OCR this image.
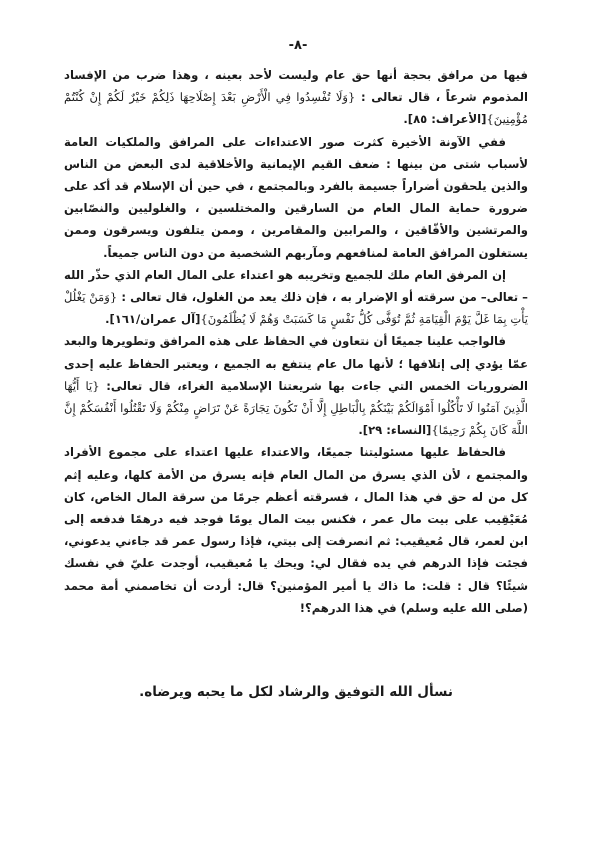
-٨-

فيها من مرافق بحجة أنها حق عام وليست لأحد بعينه ، وهذا ضرب من الإفساد المذموم شرعاً ، قال تعالى : {وَلَا تُفْسِدُوا فِي الْأَرْضِ بَعْدَ إِصْلَاحِهَا ذَلِكُمْ خَيْرٌ لَكُمْ إِنْ كُنْتُمْ مُؤْمِنِينَ}[الأعراف: ٨٥].

ففي الآونة الأخيرة كثرت صور الاعتداءات على المرافق والملكيات العامة لأسباب شتى من بينها : ضعف القيم الإيمانية والأخلاقية لدى البعض من الناس والذين يلحقون أضراراً جسيمة بالفرد وبالمجتمع ، في حين أن الإسلام قد أكد على ضرورة حماية المال العام من السارقين والمختلسين ، والغلوليين والنصّابين والمرتشين والأفّاقين ، والمرابين والمقامرين ، وممن يتلفون ويسرقون وممن يستغلون المرافق العامة لمنافعهم ومآربهم الشخصية من دون الناس جميعاً.

إن المرفق العام ملك للجميع وتخريبه هو اعتداء على المال العام الذي حذّر الله – تعالى– من سرقته أو الإضرار به ، فإن ذلك يعد من الغلول، قال تعالى : {وَمَنْ يَغْلُلْ يَأْتِ بِمَا غَلَّ يَوْمَ الْقِيَامَةِ ثُمَّ تُوَفَّى كُلُّ نَفْسٍ مَا كَسَبَتْ وَهُمْ لَا يُظْلَمُونَ}[آل عمران/١٦١].

فالواجب علينا جميعًا أن نتعاون في الحفاظ على هذه المرافق وتطويرها والبعد عمّا يؤدي إلى إتلافها ؛ لأنها مال عام ينتفع به الجميع ، ويعتبر الحفاظ عليه إحدى الضروريات الخمس التي جاءت بها شريعتنا الإسلامية الغراء، قال تعالى: {يَا أَيُّهَا الَّذِينَ آمَنُوا لَا تَأْكُلُوا أَمْوَالَكُمْ بَيْنَكُمْ بِالْبَاطِلِ إِلَّا أَنْ تَكُونَ تِجَارَةً عَنْ تَرَاضٍ مِنْكُمْ وَلَا تَقْتُلُوا أَنْفُسَكُمْ إِنَّ اللَّهَ كَانَ بِكُمْ رَحِيمًا}[النساء: ٢٩].

فالحفاظ عليها مسئوليتنا جميعًا، والاعتداء عليها اعتداء على مجموع الأفراد والمجتمع ، لأن الذي يسرق من المال العام فإنه يسرق من الأمة كلها، وعليه إثم كل من له حق في هذا المال ، فسرقته أعظم جرمًا من سرقة المال الخاص، كان مُعَيْقِيب على بيت مال عمر ، فكنس بيت المال يومًا فوجد فيه درهمًا فدفعه إلى ابن لعمر، قال مُعيقيب: ثم انصرفت إلى بيتي، فإذا رسول عمر قد جاءني يدعوني، فجئت فإذا الدرهم في يده فقال لي: ويحك يا مُعيقيب، أوجدت عليّ في نفسك شيئًا؟ قال : قلت: ما ذاك يا أمير المؤمنين؟ قال: أردت أن تخاصمني أمة محمد (صلى الله عليه وسلم) في هذا الدرهم؟!

نسأل الله التوفيق والرشاد لكل ما يحبه ويرضاه.
